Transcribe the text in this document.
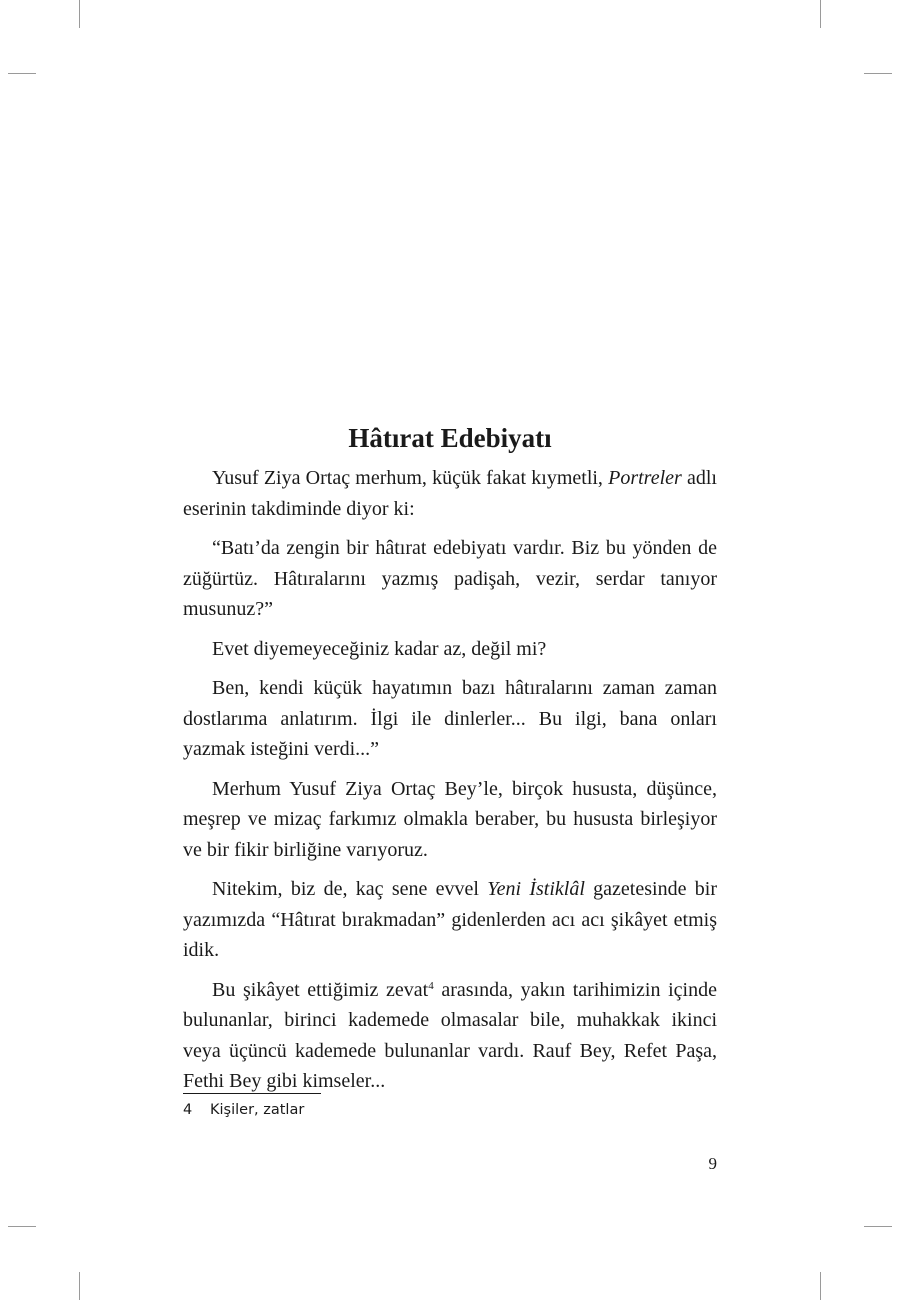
Hâtırat Edebiyatı

Yusuf Ziya Ortaç merhum, küçük fakat kıymetli, Portreler adlı eserinin takdiminde diyor ki:

“Batı’da zengin bir hâtırat edebiyatı vardır. Biz bu yönden de züğürtüz. Hâtıralarını yazmış padişah, vezir, serdar tanıyor musunuz?”

Evet diyemeyeceğiniz kadar az, değil mi?

Ben, kendi küçük hayatımın bazı hâtıralarını zaman zaman dostlarıma anlatırım. İlgi ile dinlerler... Bu ilgi, bana onları yazmak isteğini verdi...”

Merhum Yusuf Ziya Ortaç Bey’le, birçok hususta, düşünce, meşrep ve mizaç farkımız olmakla beraber, bu hususta birleşiyor ve bir fikir birliğine varıyoruz.

Nitekim, biz de, kaç sene evvel Yeni İstiklâl gazetesinde bir yazımızda “Hâtırat bırakmadan” gidenlerden acı acı şikâyet etmiş idik.

Bu şikâyet ettiğimiz zevat$^4$ arasında, yakın tarihimizin içinde bulunanlar, birinci kademede olmasalar bile, muhakkak ikinci veya üçüncü kademede bulunanlar vardı. Rauf Bey, Refet Paşa, Fethi Bey gibi kimseler...

4 Kişiler, zatlar
9
